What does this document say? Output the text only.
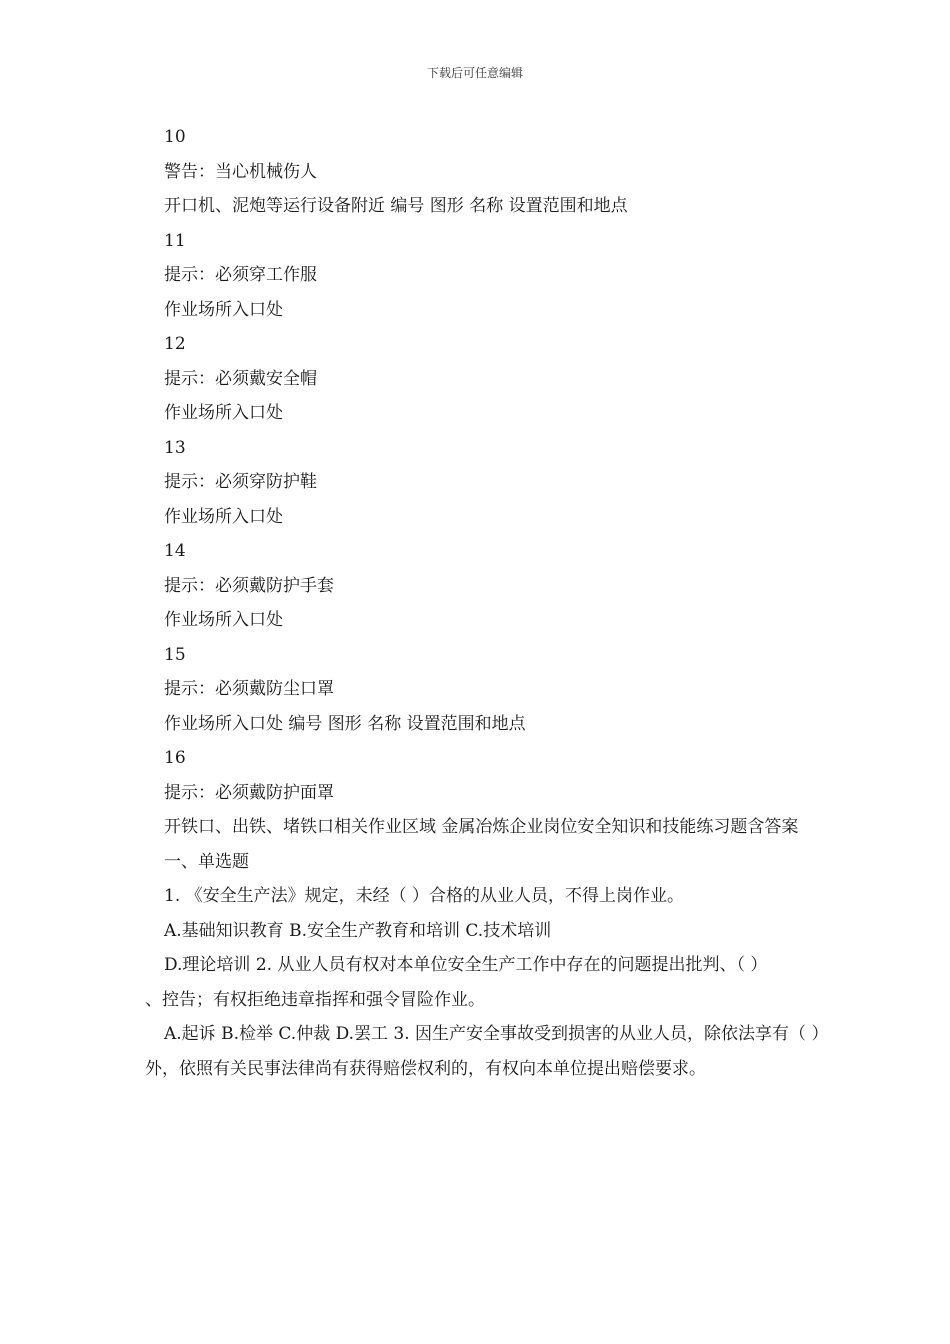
下载后可任意编辑
10
警告：当心机械伤人
开口机、泥炮等运行设备附近 编号 图形 名称 设置范围和地点
11
提示：必须穿工作服
作业场所入口处
12
提示：必须戴安全帽
作业场所入口处
13
提示：必须穿防护鞋
作业场所入口处
14
提示：必须戴防护手套
作业场所入口处
15
提示：必须戴防尘口罩
作业场所入口处 编号 图形 名称 设置范围和地点
16
提示：必须戴防护面罩
开铁口、出铁、堵铁口相关作业区域 金属冶炼企业岗位安全知识和技能练习题含答案
一、单选题
1. 《安全生产法》规定，未经（ ）合格的从业人员，不得上岗作业。
A.基础知识教育 B.安全生产教育和培训 C.技术培训
D.理论培训 2. 从业人员有权对本单位安全生产工作中存在的问题提出批判、（ ）
、控告；有权拒绝违章指挥和强令冒险作业。
A.起诉 B.检举 C.仲裁 D.罢工 3. 因生产安全事故受到损害的从业人员，除依法享有（ ）外，依照有关民事法律尚有获得赔偿权利的，有权向本单位提出赔偿要求。
